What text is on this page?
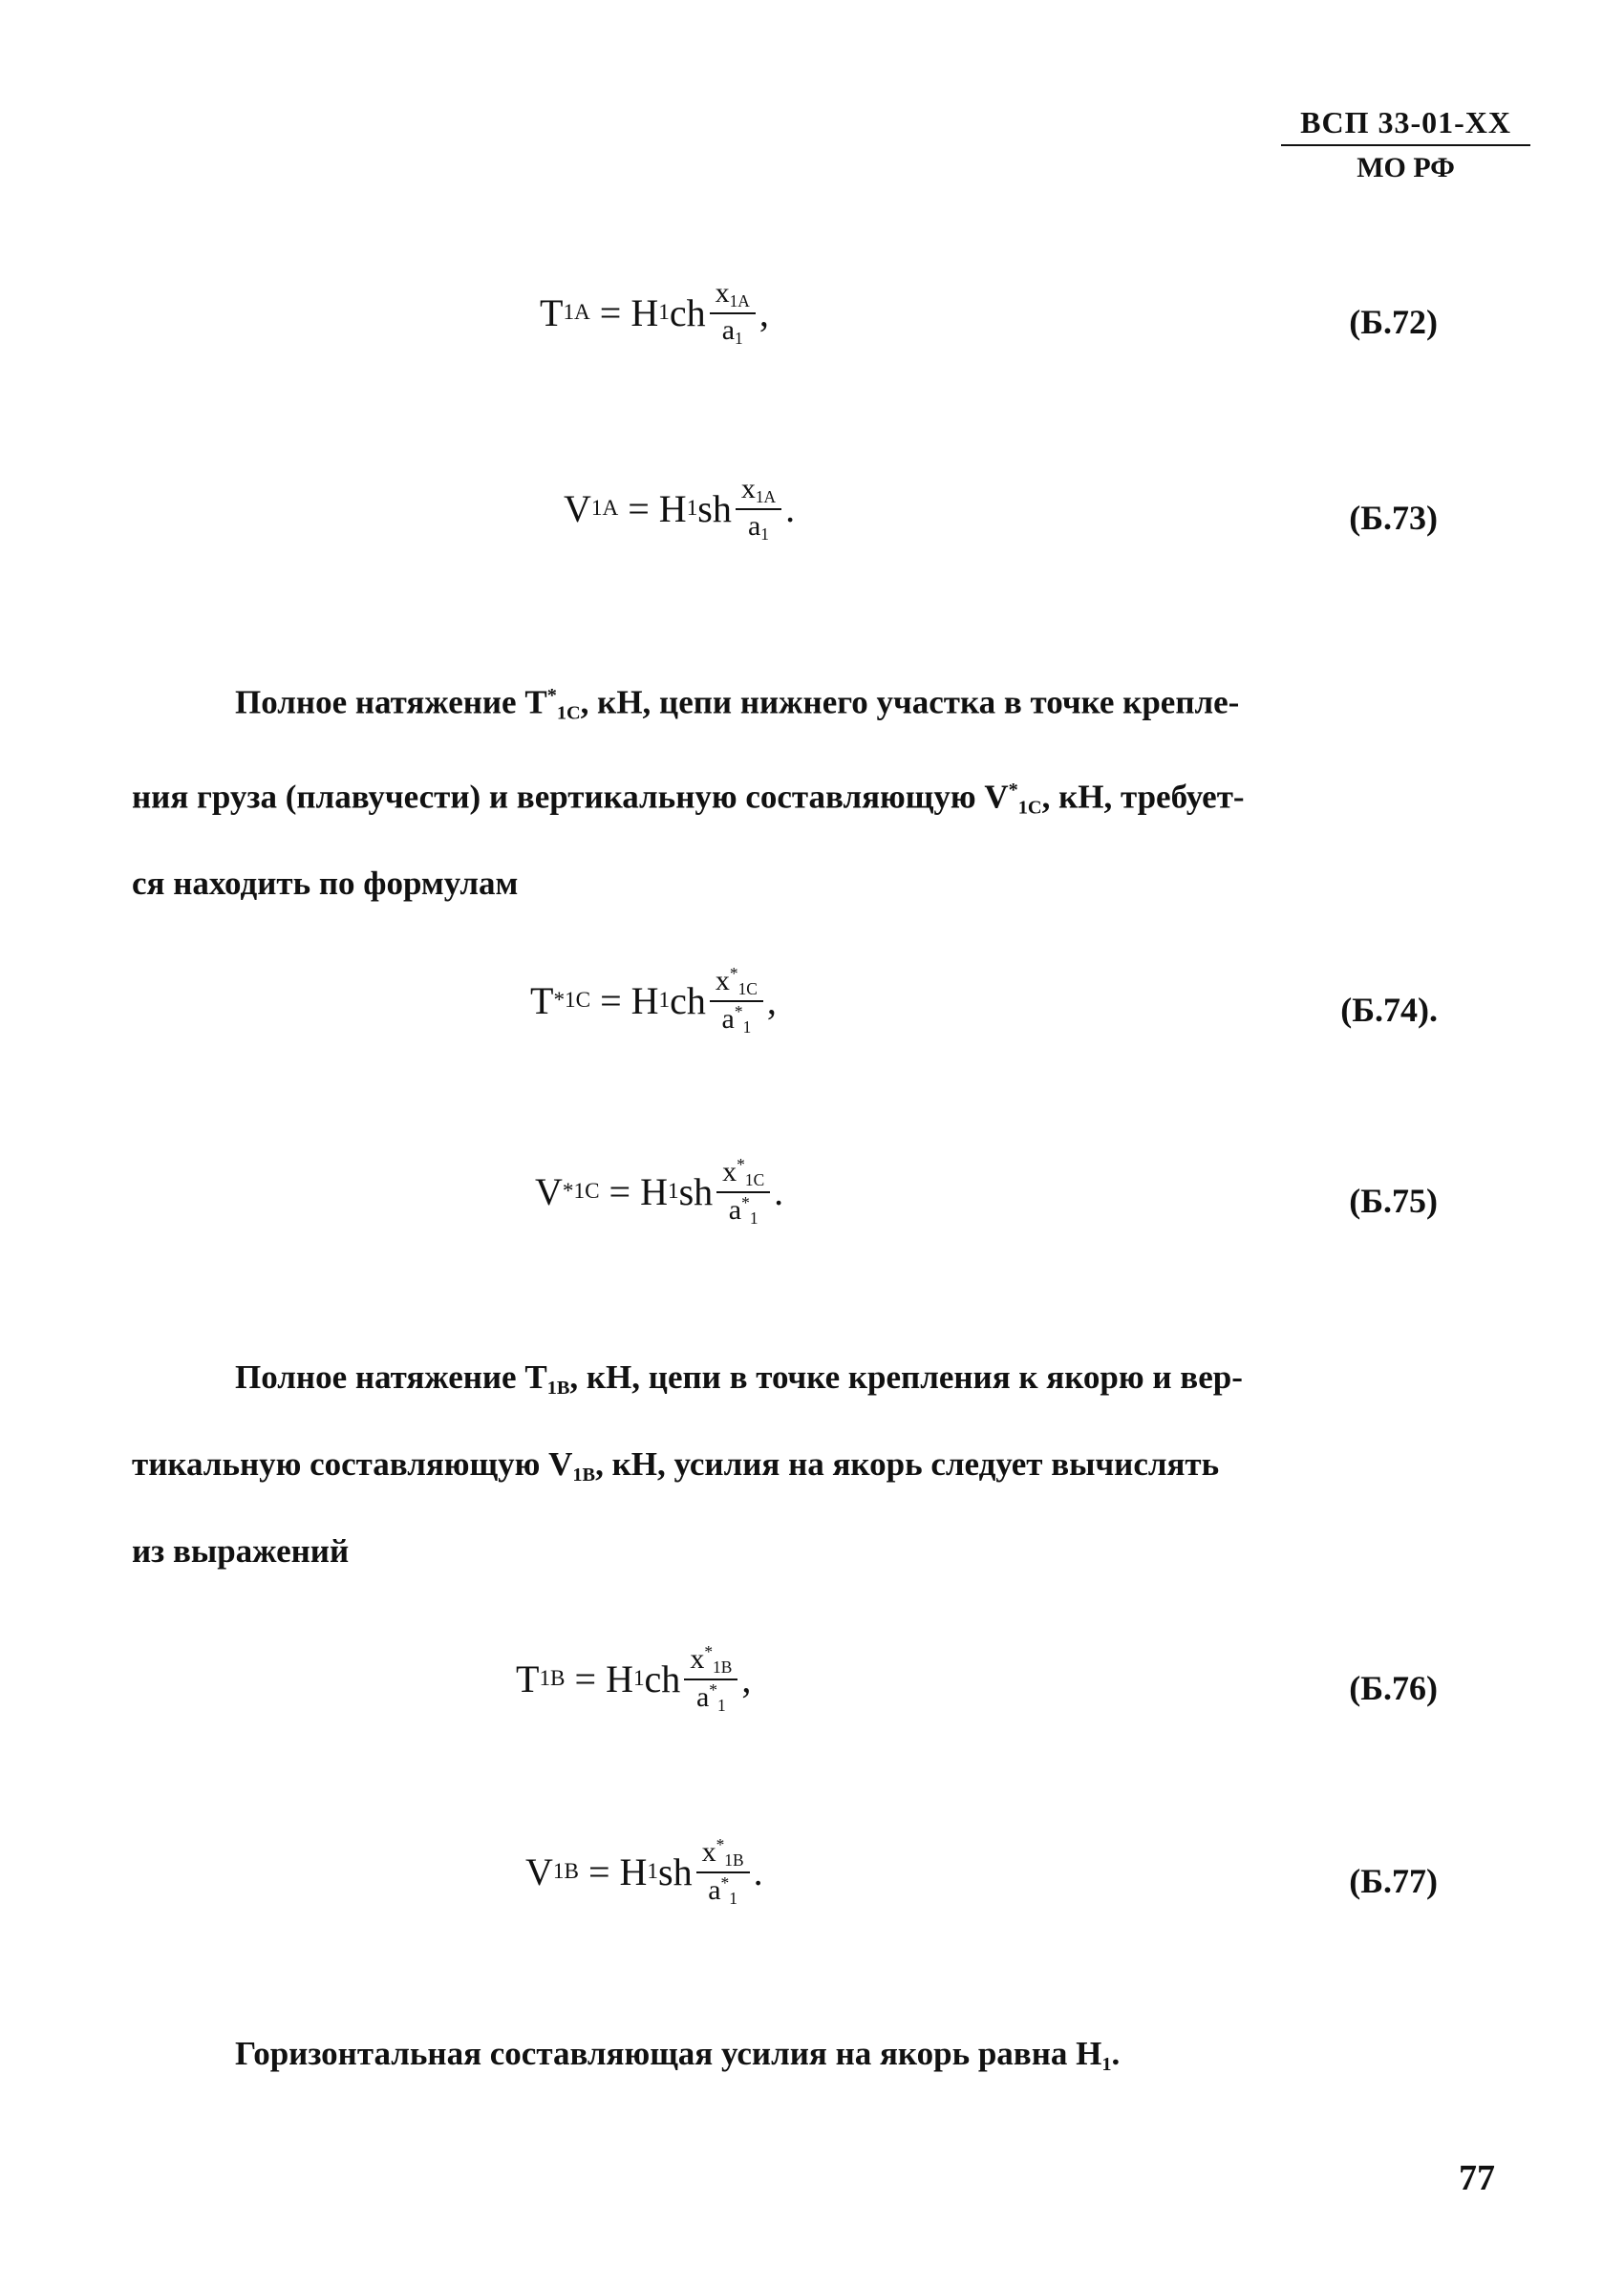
ВСП 33-01-ХХ
МО РФ
T 1A = H 1 ch $\frac{x_{1A}}{a_1}$ ,	(Б.72)
V 1A = H 1 sh $\frac{x_{1A}}{a_1}$ .	(Б.73)

Полное натяжение $T^*_{1C}$, кН, цепи нижнего участка в точке крепле-

ния груза (плавучести) и вертикальную составляющую $V^*_{1C}$, кН, требует-

ся находить по формулам

T * 1C = H 1 ch $\frac{x^*_{1C}}{a^*_1}$ ,	(Б.74).
V * 1C = H 1 sh $\frac{x^*_{1C}}{a^*_1}$ .	(Б.75)

Полное натяжение $T_{1B}$, кН, цепи в точке крепления к якорю и вер-

тикальную составляющую $V_{1B}$, кН, усилия на якорь следует вычислять

из выражений

T 1B = H 1 ch $\frac{x^*_{1B}}{a^*_1}$ ,	(Б.76)
V 1B = H 1 sh $\frac{x^*_{1B}}{a^*_1}$ .	(Б.77)

Горизонтальная составляющая усилия на якорь равна $H_1$.

77
